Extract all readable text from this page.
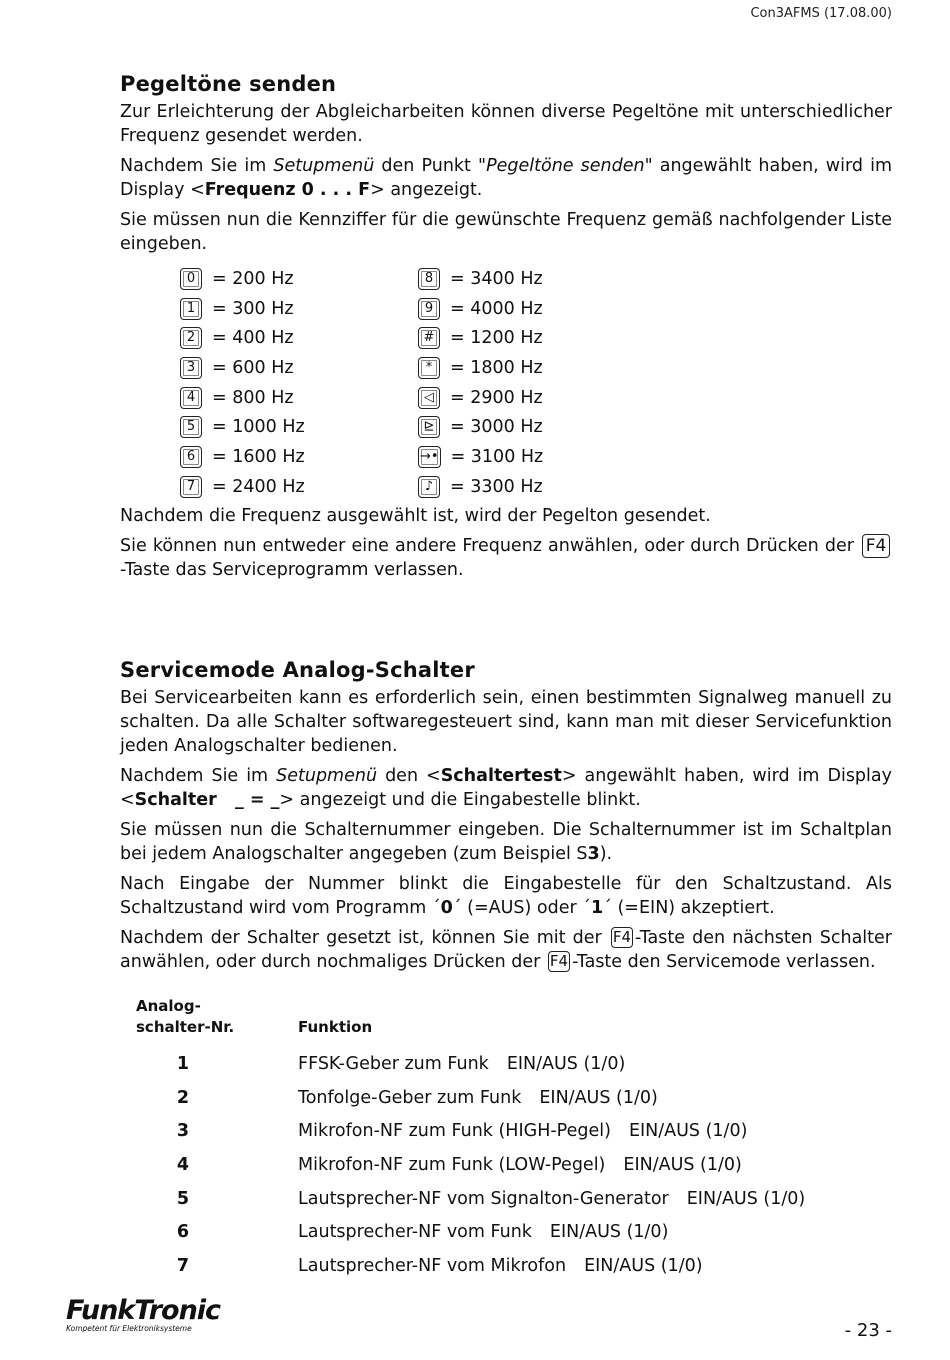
Con3AFMS (17.08.00)
Pegeltöne senden

Zur Erleichterung der Abgleicharbeiten können diverse Pegeltöne mit unterschiedlicher Frequenz gesendet werden.

Nachdem Sie im Setupmenü den Punkt "Pegeltöne senden" angewählt haben, wird im Display <Frequenz 0 . . . F> angezeigt.

Sie müssen nun die Kennziffer für die gewünschte Frequenz gemäß nachfolgender Liste eingeben.

0 = 200 Hz
1 = 300 Hz
2 = 400 Hz
3 = 600 Hz
4 = 800 Hz
5 = 1000 Hz
6 = 1600 Hz
7 = 2400 Hz
8 = 3400 Hz
9 = 4000 Hz
# = 1200 Hz
*	= 1800 Hz
◁ = 2900 Hz
⊵ = 3000 Hz
→• = 3100 Hz
♪ = 3300 Hz

Nachdem die Frequenz ausgewählt ist, wird der Pegelton gesendet.

Sie können nun entweder eine andere Frequenz anwählen, oder durch Drücken der F4 -Taste das Serviceprogramm verlassen.

Servicemode Analog-Schalter

Bei Servicearbeiten kann es erforderlich sein, einen bestimmten Signalweg manuell zu schalten. Da alle Schalter softwaregesteuert sind, kann man mit dieser Servicefunktion jeden Analogschalter bedienen.

Nachdem Sie im Setupmenü den <Schaltertest> angewählt haben, wird im Display <Schalter   _ = _> angezeigt und die Eingabestelle blinkt.

Sie müssen nun die Schalternummer eingeben. Die Schalternummer ist im Schaltplan bei jedem Analogschalter angegeben (zum Beispiel S3).

Nach Eingabe der Nummer blinkt die Eingabestelle für den Schaltzustand. Als Schaltzustand wird vom Programm ´0´ (=AUS) oder ´1´ (=EIN) akzeptiert.

Nachdem der Schalter gesetzt ist, können Sie mit der F4 -Taste den nächsten Schalter anwählen, oder durch nochmaliges Drücken der F4 -Taste den Servicemode verlassen.

Analog-
schalter-Nr.	Funktion
1	FFSK-Geber zum Funk EIN/AUS (1/0)
2	Tonfolge-Geber zum Funk EIN/AUS (1/0)
3	Mikrofon-NF zum Funk (HIGH-Pegel) EIN/AUS (1/0)
4	Mikrofon-NF zum Funk (LOW-Pegel) EIN/AUS (1/0)
5	Lautsprecher-NF vom Signalton-Generator EIN/AUS (1/0)
6	Lautsprecher-NF vom Funk EIN/AUS (1/0)
7	Lautsprecher-NF vom Mikrofon EIN/AUS (1/0)
FunkTronic
Kompetent für Elektroniksysteme	- 23 -
